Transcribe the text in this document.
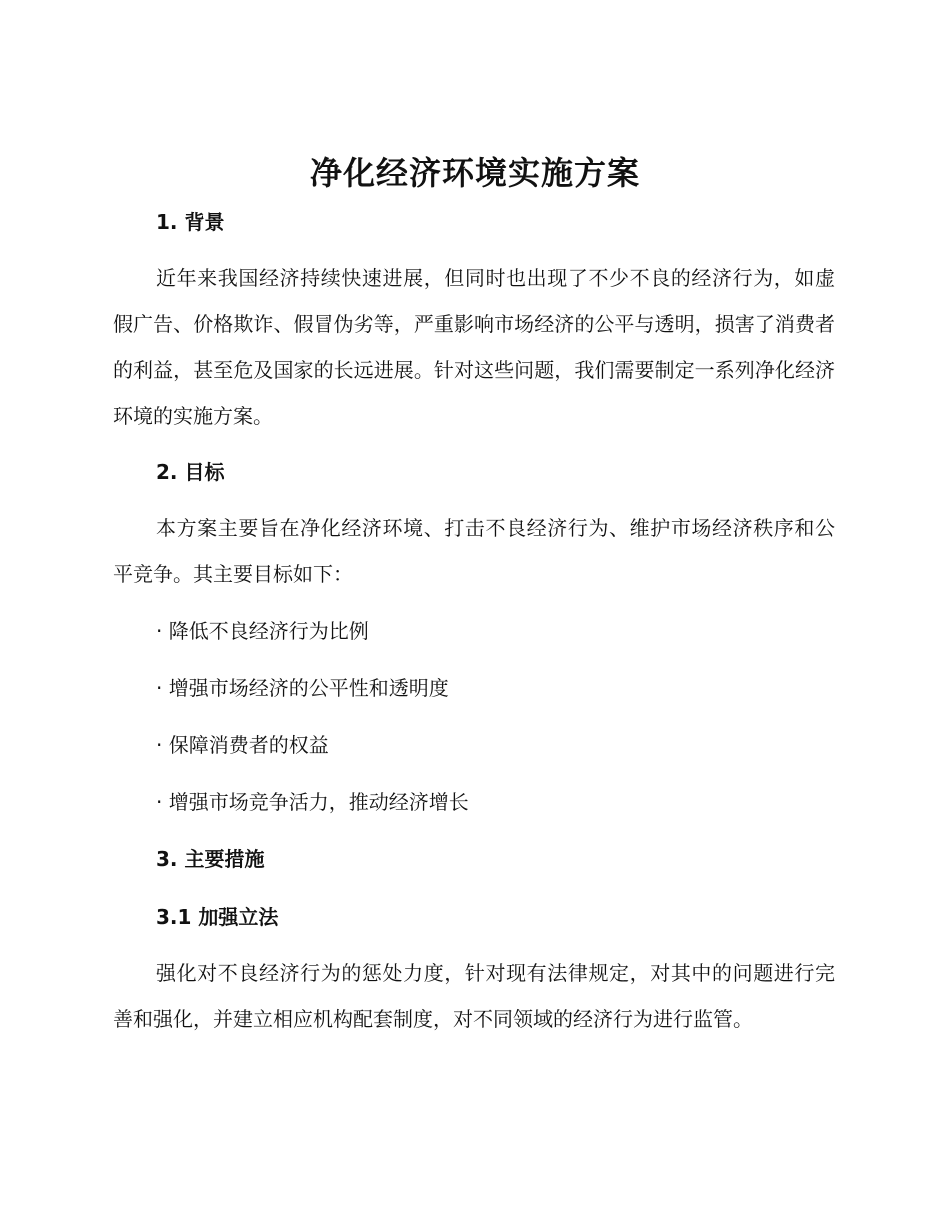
净化经济环境实施方案
1. 背景
近年来我国经济持续快速进展，但同时也出现了不少不良的经济行为，如虚假广告、价格欺诈、假冒伪劣等，严重影响市场经济的公平与透明，损害了消费者的利益，甚至危及国家的长远进展。针对这些问题，我们需要制定一系列净化经济环境的实施方案。
2. 目标
本方案主要旨在净化经济环境、打击不良经济行为、维护市场经济秩序和公平竞争。其主要目标如下：
· 降低不良经济行为比例
· 增强市场经济的公平性和透明度
· 保障消费者的权益
· 增强市场竞争活力，推动经济增长
3. 主要措施
3.1 加强立法
强化对不良经济行为的惩处力度，针对现有法律规定，对其中的问题进行完善和强化，并建立相应机构配套制度，对不同领域的经济行为进行监管。
